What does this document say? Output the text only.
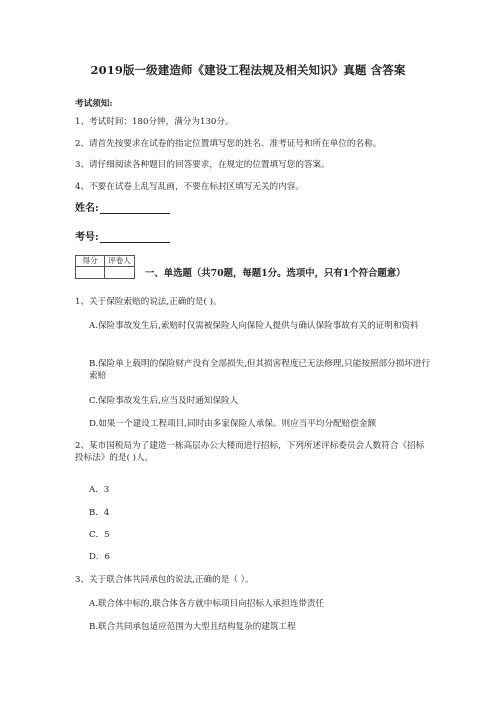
2019版一级建造师《建设工程法规及相关知识》真题 含答案
考试须知:
1、考试时间：180分钟，满分为130分。
2、请首先按要求在试卷的指定位置填写您的姓名、准考证号和所在单位的名称。
3、请仔细阅读各种题目的回答要求，在规定的位置填写您的答案。
4、不要在试卷上乱写乱画，不要在标封区填写无关的内容。
姓名:
考号:
得分	评卷人
一、单选题（共70题，每题1分。选项中，只有1个符合题意）
1、关于保险索赔的说法,正确的是( )。
A.保险事故发生后,索赔时仅需被保险人向保险人提供与确认保险事故有关的证明和资料
B.保险单上载明的保险财产没有全部损失,但其损害程度已无法修理,只能按照部分损坏进行索赔
C.保险事故发生后,应当及时通知保险人
D.如果一个建设工程项目,同时由多家保险人承保。则应当平均分配赔偿金额
2、某市国税局为了建造一栋高层办公大楼而进行招标，下列所述评标委员会人数符合《招标投标法》的是( )人。
A．3
B．4
C．5
D．6
3、关于联合体共同承包的说法,正确的是（ ）。
A.联合体中标的,联合体各方就中标项目向招标人承担连带责任
B.联合共同承包适应范围为大型且结构复杂的建筑工程
